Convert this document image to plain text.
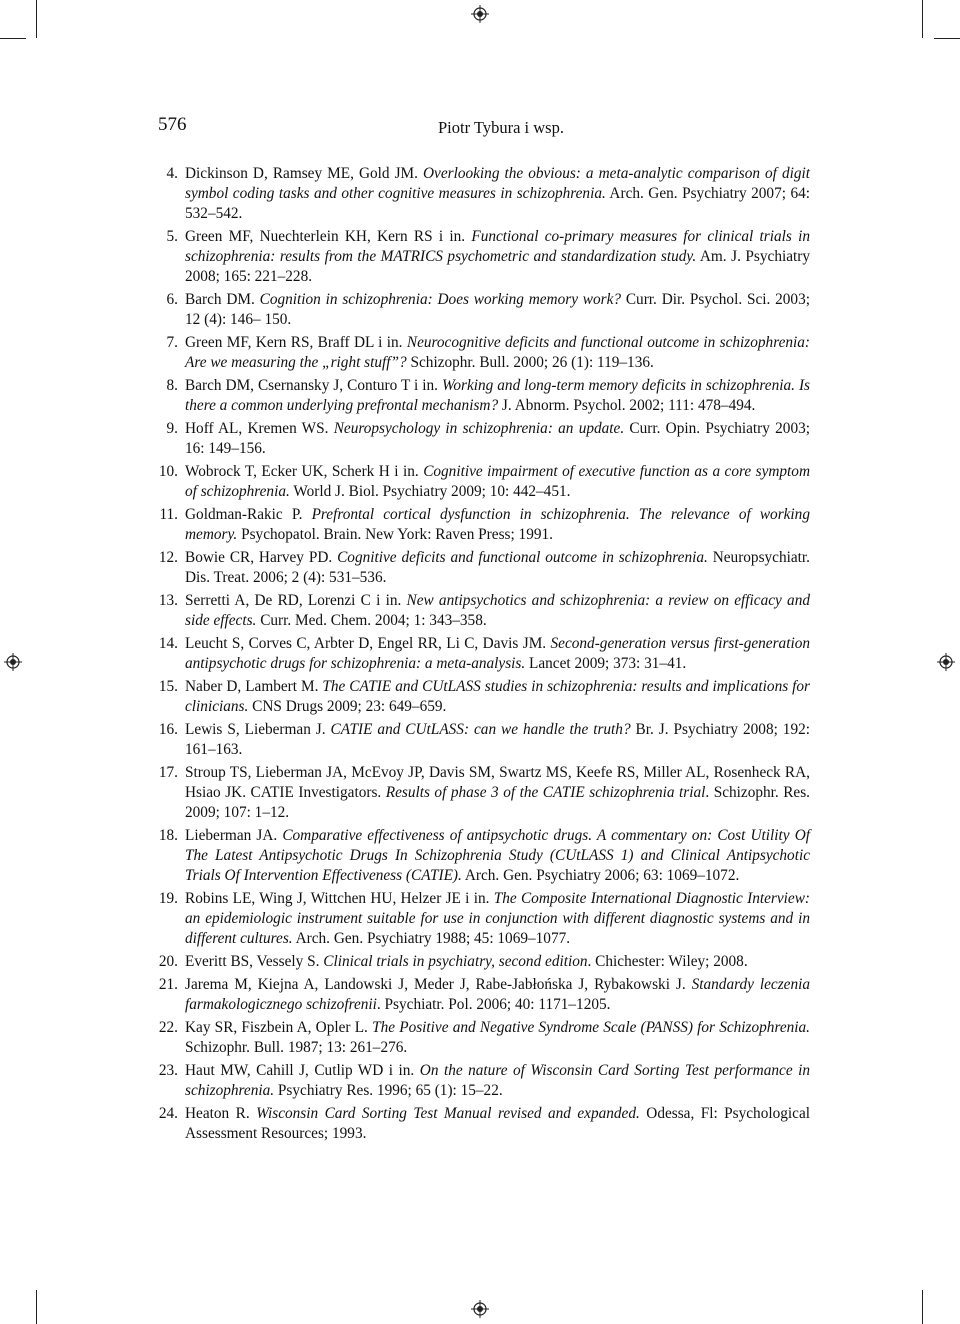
576	Piotr Tybura i wsp.
4. Dickinson D, Ramsey ME, Gold JM. Overlooking the obvious: a meta-analytic comparison of digit symbol coding tasks and other cognitive measures in schizophrenia. Arch. Gen. Psychiatry 2007; 64: 532–542.
5. Green MF, Nuechterlein KH, Kern RS i in. Functional co-primary measures for clinical trials in schizophrenia: results from the MATRICS psychometric and standardization study. Am. J. Psychiatry 2008; 165: 221–228.
6. Barch DM. Cognition in schizophrenia: Does working memory work? Curr. Dir. Psychol. Sci. 2003; 12 (4): 146– 150.
7. Green MF, Kern RS, Braff DL i in. Neurocognitive deficits and functional outcome in schizophrenia: Are we measuring the „right stuff”? Schizophr. Bull. 2000; 26 (1): 119–136.
8. Barch DM, Csernansky J, Conturo T i in. Working and long-term memory deficits in schizophrenia. Is there a common underlying prefrontal mechanism? J. Abnorm. Psychol. 2002; 111: 478–494.
9. Hoff AL, Kremen WS. Neuropsychology in schizophrenia: an update. Curr. Opin. Psychiatry 2003; 16: 149–156.
10. Wobrock T, Ecker UK, Scherk H i in. Cognitive impairment of executive function as a core symptom of schizophrenia. World J. Biol. Psychiatry 2009; 10: 442–451.
11. Goldman-Rakic P. Prefrontal cortical dysfunction in schizophrenia. The relevance of working memory. Psychopatol. Brain. New York: Raven Press; 1991.
12. Bowie CR, Harvey PD. Cognitive deficits and functional outcome in schizophrenia. Neuropsychiatr. Dis. Treat. 2006; 2 (4): 531–536.
13. Serretti A, De RD, Lorenzi C i in. New antipsychotics and schizophrenia: a review on efficacy and side effects. Curr. Med. Chem. 2004; 1: 343–358.
14. Leucht S, Corves C, Arbter D, Engel RR, Li C, Davis JM. Second-generation versus first-generation antipsychotic drugs for schizophrenia: a meta-analysis. Lancet 2009; 373: 31–41.
15. Naber D, Lambert M. The CATIE and CUtLASS studies in schizophrenia: results and implications for clinicians. CNS Drugs 2009; 23: 649–659.
16. Lewis S, Lieberman J. CATIE and CUtLASS: can we handle the truth? Br. J. Psychiatry 2008; 192: 161–163.
17. Stroup TS, Lieberman JA, McEvoy JP, Davis SM, Swartz MS, Keefe RS, Miller AL, Rosenheck RA, Hsiao JK. CATIE Investigators. Results of phase 3 of the CATIE schizophrenia trial. Schizophr. Res. 2009; 107: 1–12.
18. Lieberman JA. Comparative effectiveness of antipsychotic drugs. A commentary on: Cost Utility Of The Latest Antipsychotic Drugs In Schizophrenia Study (CUtLASS 1) and Clinical Antipsychotic Trials Of Intervention Effectiveness (CATIE). Arch. Gen. Psychiatry 2006; 63: 1069–1072.
19. Robins LE, Wing J, Wittchen HU, Helzer JE i in. The Composite International Diagnostic Interview: an epidemiologic instrument suitable for use in conjunction with different diagnostic systems and in different cultures. Arch. Gen. Psychiatry 1988; 45: 1069–1077.
20. Everitt BS, Vessely S. Clinical trials in psychiatry, second edition. Chichester: Wiley; 2008.
21. Jarema M, Kiejna A, Landowski J, Meder J, Rabe-Jabłońska J, Rybakowski J. Standardy leczenia farmakologicznego schizofrenii. Psychiatr. Pol. 2006; 40: 1171–1205.
22. Kay SR, Fiszbein A, Opler L. The Positive and Negative Syndrome Scale (PANSS) for Schizophrenia. Schizophr. Bull. 1987; 13: 261–276.
23. Haut MW, Cahill J, Cutlip WD i in. On the nature of Wisconsin Card Sorting Test performance in schizophrenia. Psychiatry Res. 1996; 65 (1): 15–22.
24. Heaton R. Wisconsin Card Sorting Test Manual revised and expanded. Odessa, Fl: Psychological Assessment Resources; 1993.
